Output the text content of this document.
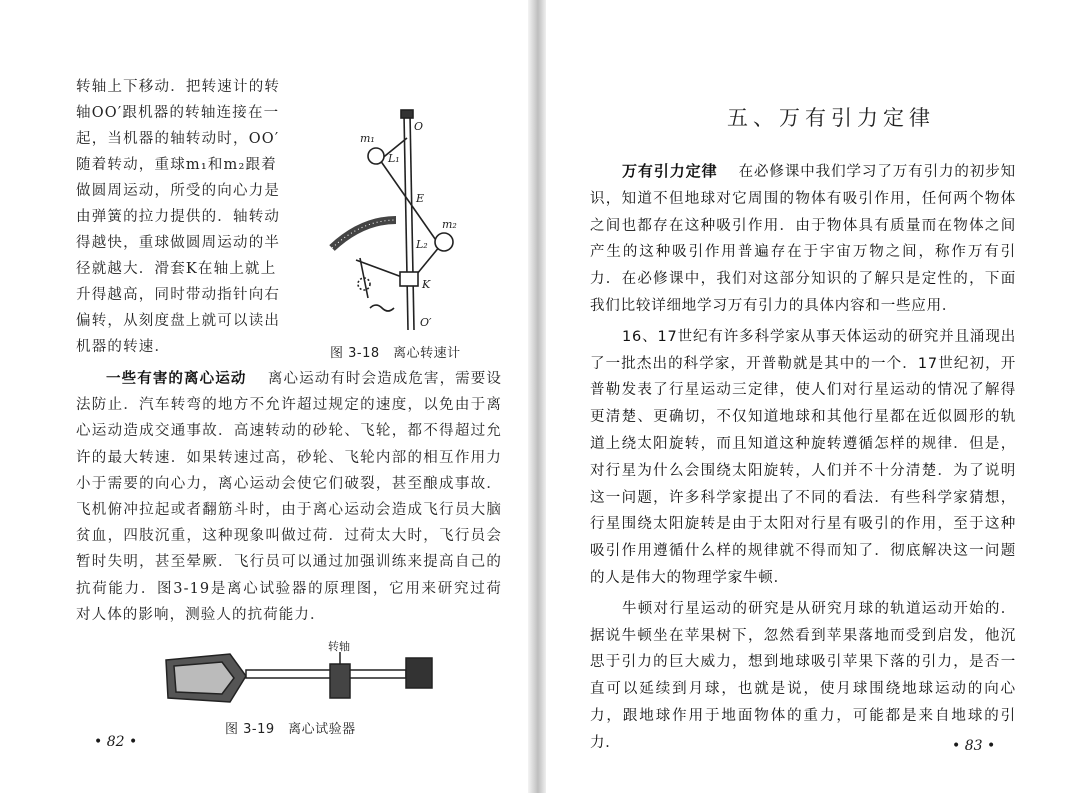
转轴上下移动．把转速计的转轴OO′跟机器的转轴连接在一起，当机器的轴转动时，OO′随着转动，重球m₁和m₂跟着做圆周运动，所受的向心力是由弹簧的拉力提供的．轴转动得越快，重球做圆周运动的半径就越大．滑套K在轴上就上升得越高，同时带动指针向右偏转，从刻度盘上就可以读出机器的转速．

O
m₁
L₁
E
m₂
L₂
K
O′
图 3-18　离心转速计

一些有害的离心运动 离心运动有时会造成危害，需要设法防止．汽车转弯的地方不允许超过规定的速度，以免由于离心运动造成交通事故．高速转动的砂轮、飞轮，都不得超过允许的最大转速．如果转速过高，砂轮、飞轮内部的相互作用力小于需要的向心力，离心运动会使它们破裂，甚至酿成事故．飞机俯冲拉起或者翻筋斗时，由于离心运动会造成飞行员大脑贫血，四肢沉重，这种现象叫做过荷．过荷太大时，飞行员会暂时失明，甚至晕厥．飞行员可以通过加强训练来提高自己的抗荷能力．图3-19是离心试验器的原理图，它用来研究过荷对人体的影响，测验人的抗荷能力．

转轴
图 3-19　离心试验器
• 82 •
五、万有引力定律
• 83 •

万有引力定律 在必修课中我们学习了万有引力的初步知识，知道不但地球对它周围的物体有吸引作用，任何两个物体之间也都存在这种吸引作用．由于物体具有质量而在物体之间产生的这种吸引作用普遍存在于宇宙万物之间，称作万有引力．在必修课中，我们对这部分知识的了解只是定性的，下面我们比较详细地学习万有引力的具体内容和一些应用．

16、17世纪有许多科学家从事天体运动的研究并且涌现出了一批杰出的科学家，开普勒就是其中的一个．17世纪初，开普勒发表了行星运动三定律，使人们对行星运动的情况了解得更清楚、更确切，不仅知道地球和其他行星都在近似圆形的轨道上绕太阳旋转，而且知道这种旋转遵循怎样的规律．但是，对行星为什么会围绕太阳旋转，人们并不十分清楚．为了说明这一问题，许多科学家提出了不同的看法．有些科学家猜想，行星围绕太阳旋转是由于太阳对行星有吸引的作用，至于这种吸引作用遵循什么样的规律就不得而知了．彻底解决这一问题的人是伟大的物理学家牛顿．

牛顿对行星运动的研究是从研究月球的轨道运动开始的．据说牛顿坐在苹果树下，忽然看到苹果落地而受到启发，他沉思于引力的巨大威力，想到地球吸引苹果下落的引力，是否一直可以延续到月球，也就是说，使月球围绕地球运动的向心力，跟地球作用于地面物体的重力，可能都是来自地球的引力．
